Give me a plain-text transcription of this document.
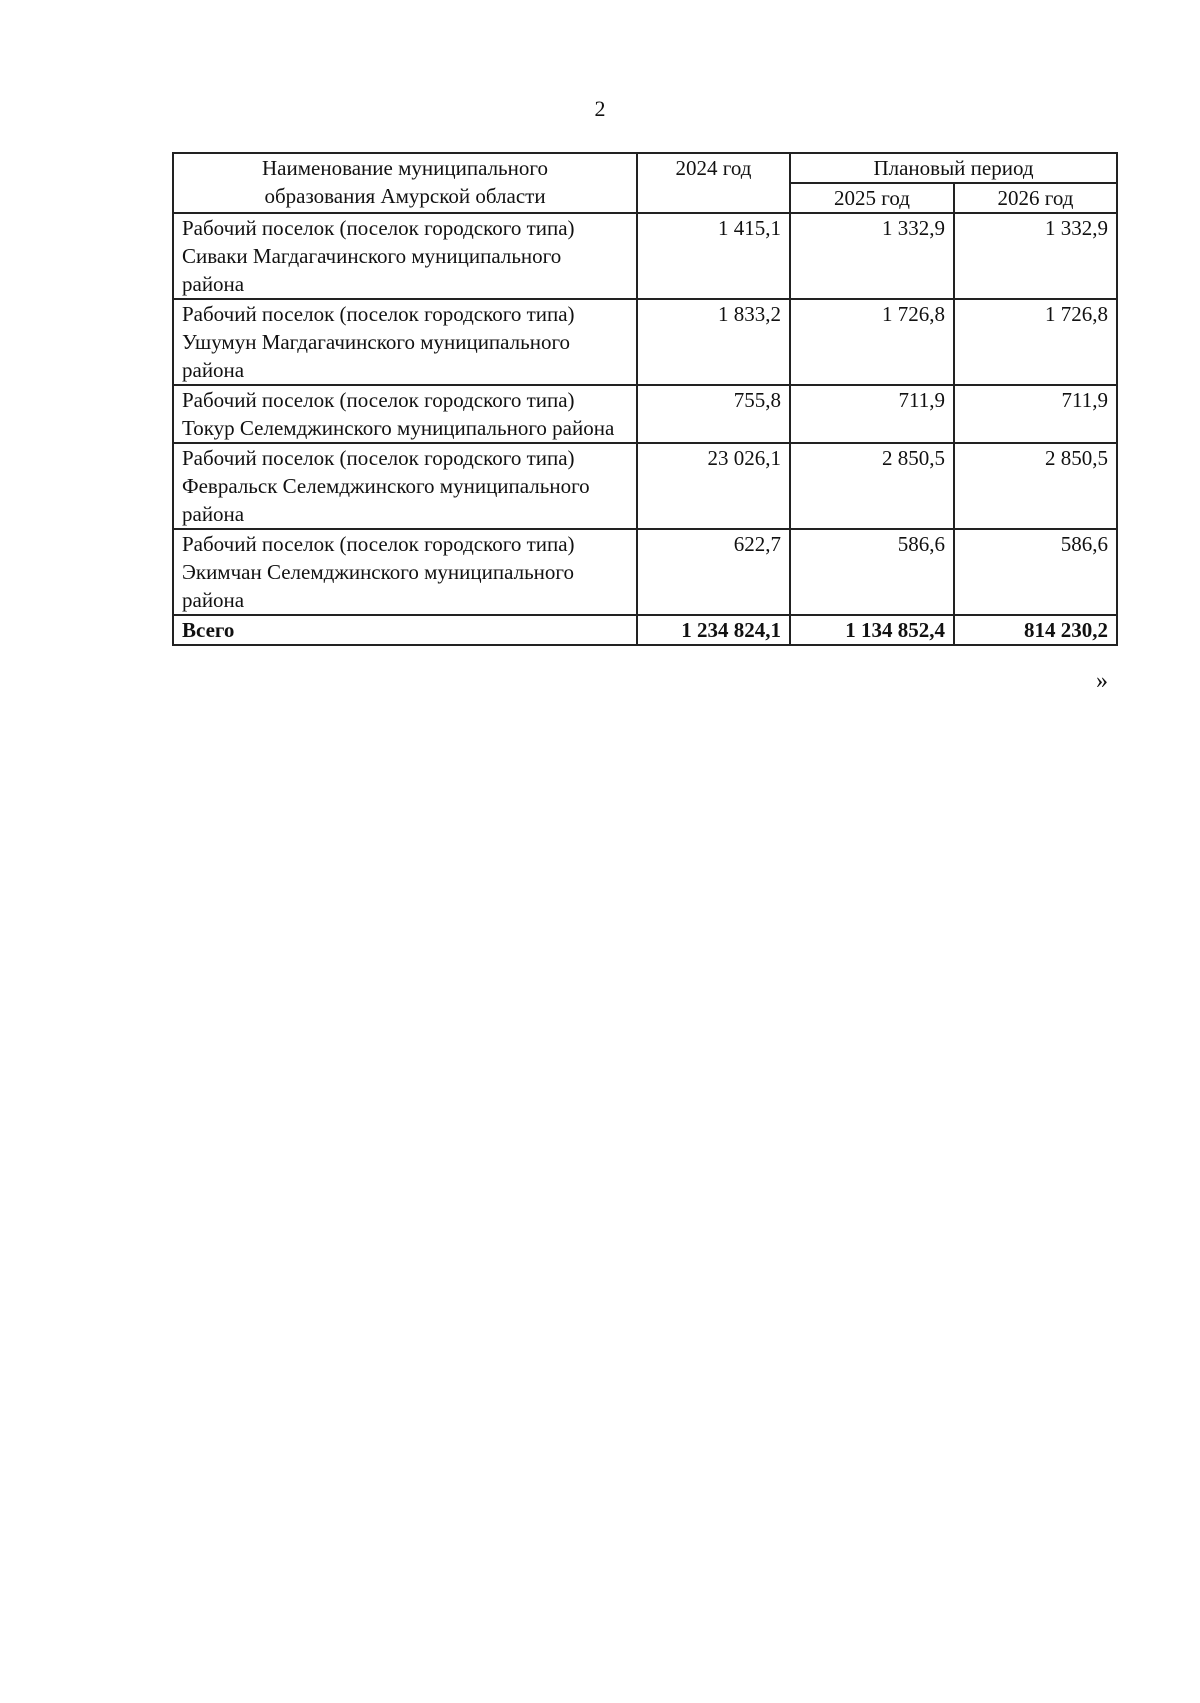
2
Наименование муниципального образования Амурской области	2024 год	Плановый период	
		2025 год	2026 год
Рабочий поселок (поселок городского типа) Сиваки Магдагачинского муниципального района	1 415,1	1 332,9	1 332,9
Рабочий поселок (поселок городского типа) Ушумун Магдагачинского муниципального района	1 833,2	1 726,8	1 726,8
Рабочий поселок (поселок городского типа) Токур Селемджинского муниципального района	755,8	711,9	711,9
Рабочий поселок (поселок городского типа) Февральск Селемджинского муниципального района	23 026,1	2 850,5	2 850,5
Рабочий поселок (поселок городского типа) Экимчан Селемджинского муниципального района	622,7	586,6	586,6
Всего	1 234 824,1	1 134 852,4	814 230,2
»
